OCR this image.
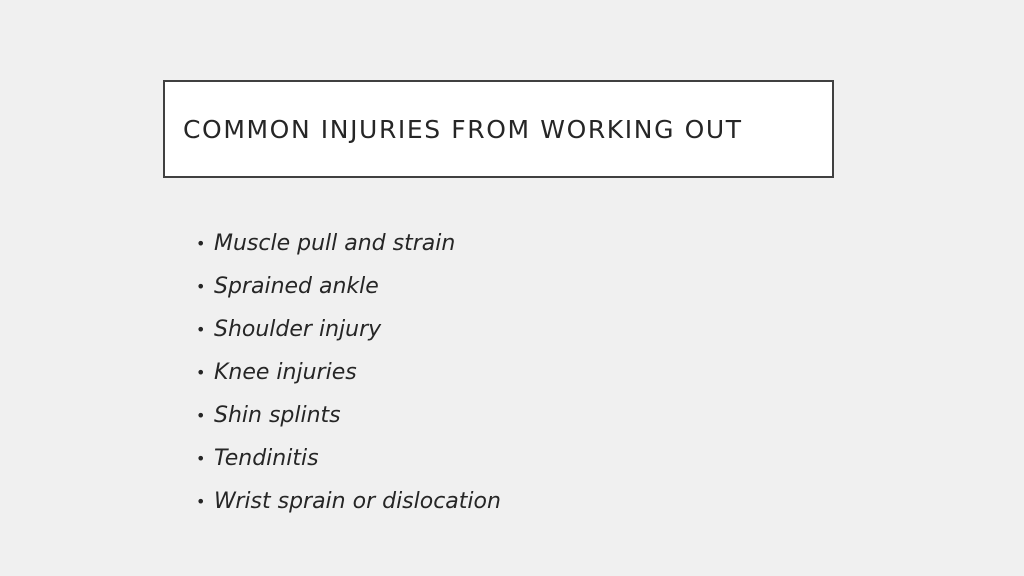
COMMON INJURIES FROM WORKING OUT
• Muscle pull and strain
• Sprained ankle
• Shoulder injury
• Knee injuries
• Shin splints
• Tendinitis
• Wrist sprain or dislocation
